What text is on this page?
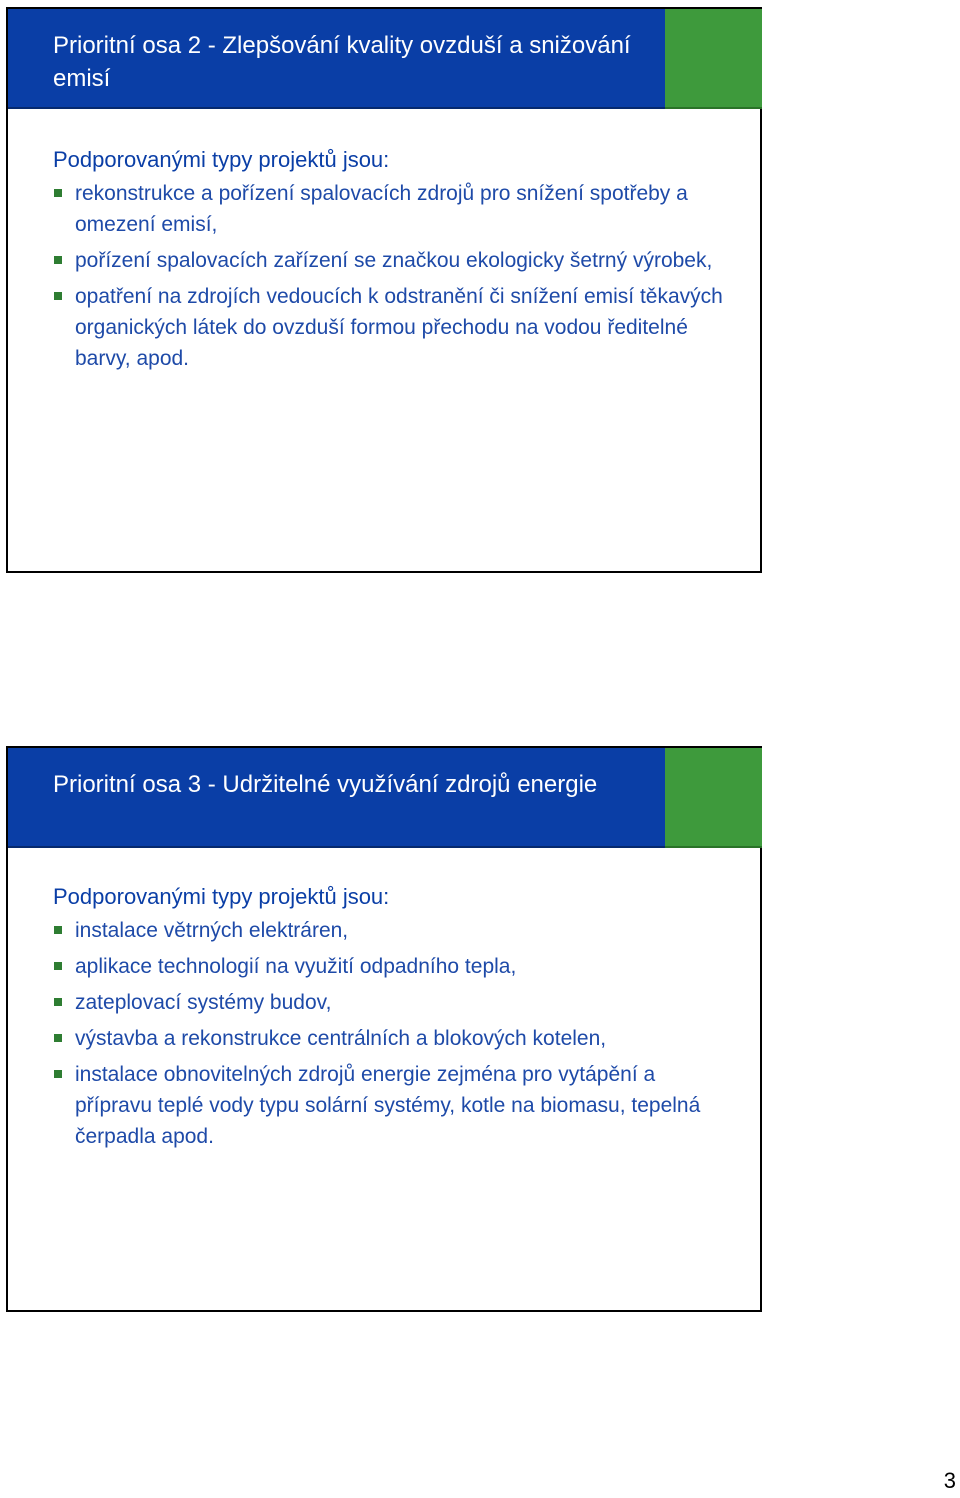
Prioritní osa 2 - Zlepšování kvality ovzduší a snižování emisí
Podporovanými typy projektů jsou:
rekonstrukce a pořízení spalovacích zdrojů pro snížení spotřeby a omezení emisí,
pořízení spalovacích zařízení se značkou ekologicky šetrný výrobek,
opatření na zdrojích vedoucích k odstranění či snížení emisí těkavých organických látek do ovzduší formou přechodu na vodou ředitelné barvy, apod.
Prioritní osa 3 - Udržitelné využívání zdrojů energie
Podporovanými typy projektů jsou:
instalace větrných elektráren,
aplikace technologií na využití odpadního tepla,
zateplovací systémy budov,
výstavba a rekonstrukce centrálních a blokových kotelen,
instalace obnovitelných zdrojů energie zejména pro vytápění a přípravu teplé vody typu solární systémy, kotle na biomasu, tepelná čerpadla apod.
3
